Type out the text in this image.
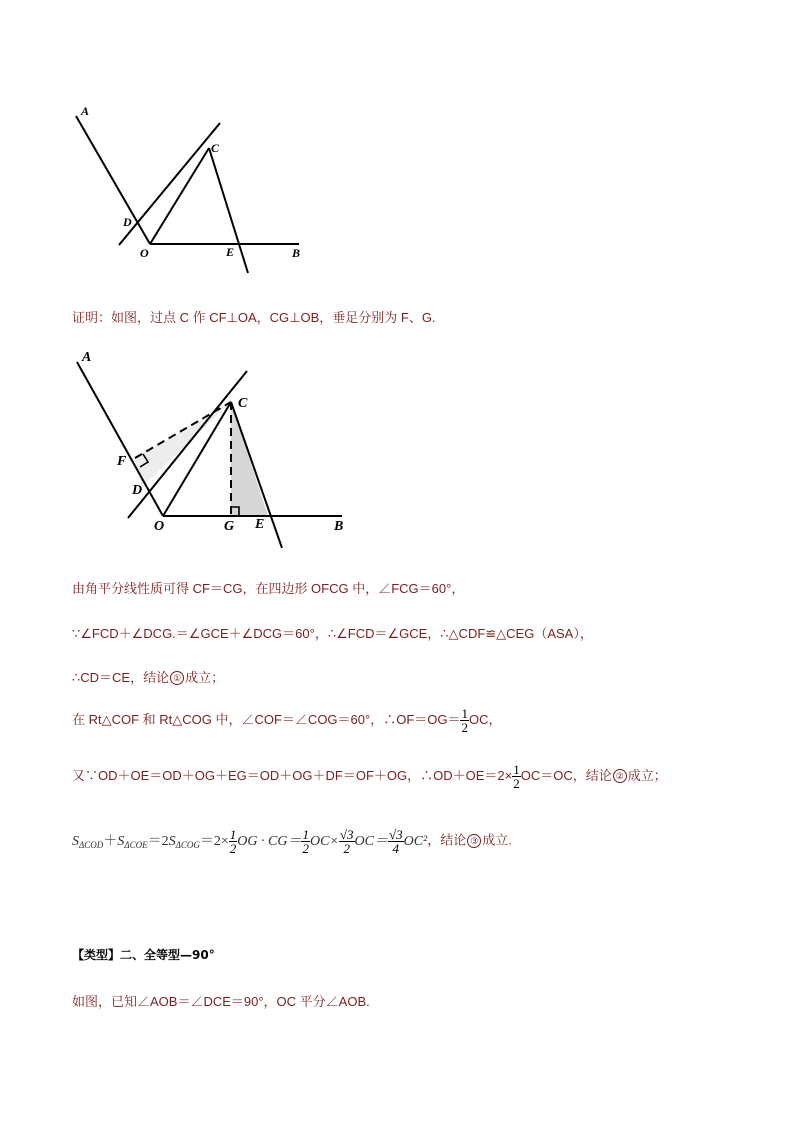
A
C
D
O	E	B
证明：如图，过点 C 作 CF⊥OA，CG⊥OB，垂足分别为 F、G.
A
C
F
D
O	G E	B
由角平分线性质可得 CF＝CG，在四边形 OFCG 中，∠FCG＝60°，
∵∠FCD＋∠DCG.＝∠GCE＋∠DCG＝60°，∴∠FCD＝∠GCE，∴△CDF≌△CEG（ASA），
∴CD＝CE，结论 ① 成立；
在 Rt△COF 和 Rt△COG 中，∠COF＝∠COG＝60°，∴OF＝OG＝ $\frac{1}{2}$ OC，
又∵OD＋OE＝OD＋OG＋EG＝OD＋OG＋DF＝OF＋OG，∴OD＋OE＝2× $\frac{1}{2} OC=OC$，结论 ② 成立；
$S_{\Delta COD}+S_{\Delta COE}=2S_{\Delta COG}=2\times \frac{1}{2}$ OG · $CG= \frac{1}{2} OC\times \frac{√3}{2} OC= \frac{√3}{4} OC^2$，结论 ③ 成立.
【类型】二、全等型—90°
如图，已知∠AOB＝∠DCE＝90°，OC 平分∠AOB.
